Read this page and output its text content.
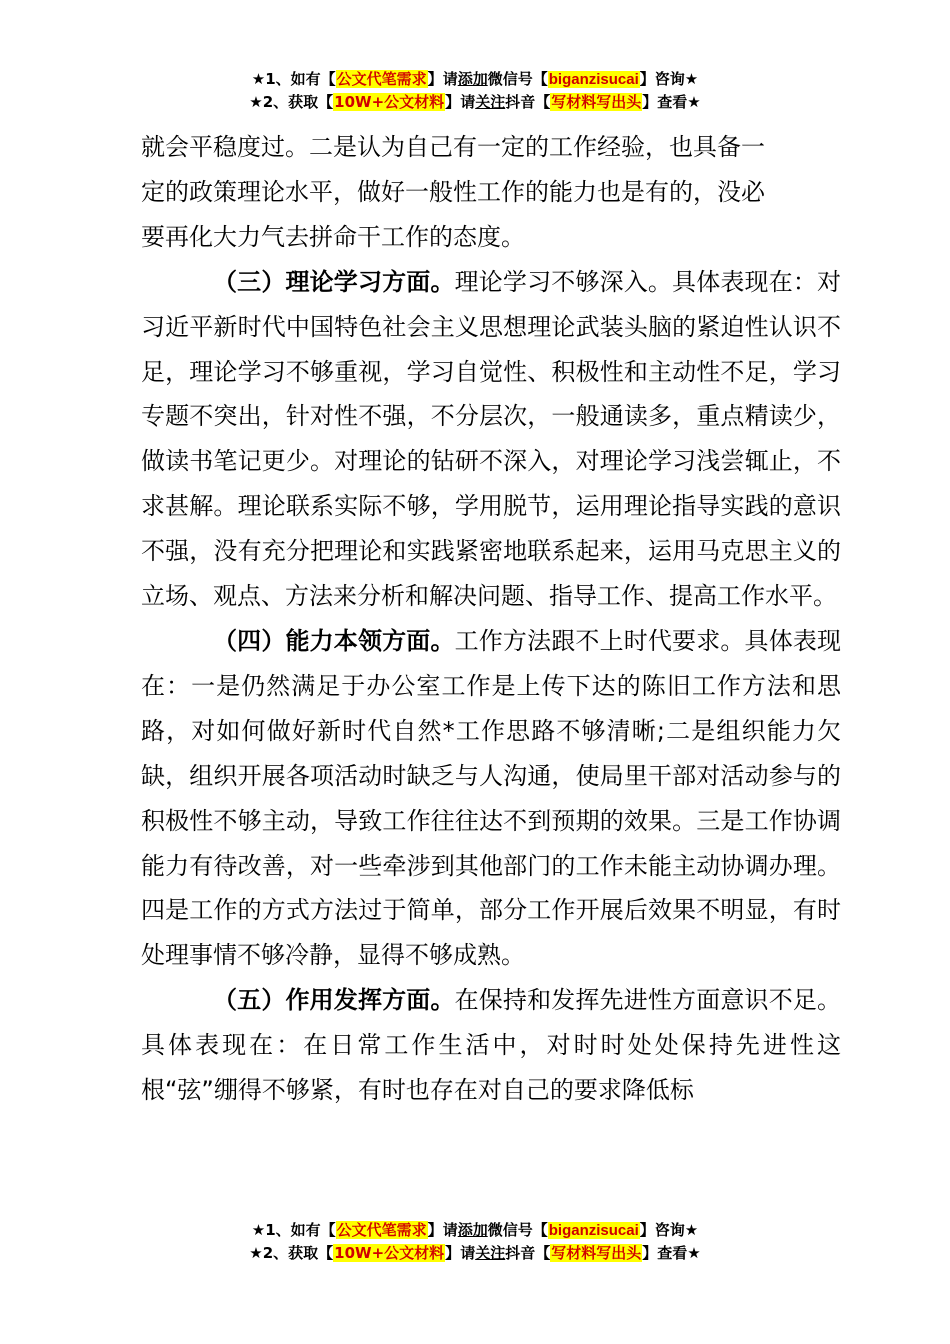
★1、如有【公文代笔需求】请添加微信号【biganzisucai】咨询★
★2、获取【10W+公文材料】请关注抖音【写材料写出头】查看★

就会平稳度过。二是认为自己有一定的工作经验，也具备一
定的政策理论水平，做好一般性工作的能力也是有的，没必
要再化大力气去拼命干工作的态度。

（三）理论学习方面。理论学习不够深入。具体表现在：对习近平新时代中国特色社会主义思想理论武装头脑的紧迫性认识不足，理论学习不够重视，学习自觉性、积极性和主动性不足，学习专题不突出，针对性不强，不分层次，一般通读多，重点精读少，做读书笔记更少。对理论的钻研不深入，对理论学习浅尝辄止，不求甚解。理论联系实际不够，学用脱节，运用理论指导实践的意识不强，没有充分把理论和实践紧密地联系起来，运用马克思主义的立场、观点、方法来分析和解决问题、指导工作、提高工作水平。

（四）能力本领方面。工作方法跟不上时代要求。具体表现在：一是仍然满足于办公室工作是上传下达的陈旧工作方法和思路，对如何做好新时代自然*工作思路不够清晰;二是组织能力欠缺，组织开展各项活动时缺乏与人沟通，使局里干部对活动参与的积极性不够主动，导致工作往往达不到预期的效果。三是工作协调能力有待改善，对一些牵涉到其他部门的工作未能主动协调办理。四是工作的方式方法过于简单，部分工作开展后效果不明显，有时处理事情不够冷静，显得不够成熟。

（五）作用发挥方面。在保持和发挥先进性方面意识不足。具体表现在：在日常工作生活中，对时时处处保持先进性这根“弦”绷得不够紧，有时也存在对自己的要求降低标

★1、如有【公文代笔需求】请添加微信号【biganzisucai】咨询★
★2、获取【10W+公文材料】请关注抖音【写材料写出头】查看★
